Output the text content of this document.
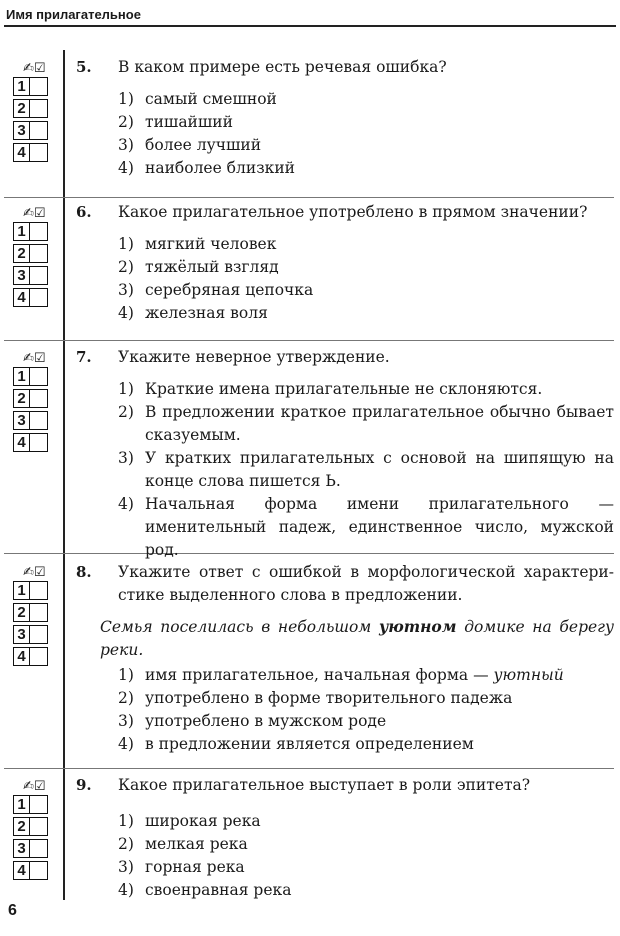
Имя прилагательное
✍☑
1
2
3
4
5. В каком примере есть речевая ошибка?
1) самый смешной
2) тишайший
3) более лучший
4) наиболее близкий
✍☑
1
2
3
4
6. Какое прилагательное употреблено в прямом значении?
1) мягкий человек
2) тяжёлый взгляд
3) серебряная цепочка
4) железная воля
✍☑
1
2
3
4
7. Укажите неверное утверждение.
1) Краткие имена прилагательные не склоняются.
2) В предложении краткое прилагательное обычно бывает сказуемым.
3) У кратких прилагательных с основой на шипящую на конце слова пишется Ь.
4) Начальная форма имени прилагательного — именительный падеж, единственное число, мужской род.
✍☑
1
2
3
4
8. Укажите ответ с ошибкой в морфологической характери-
стике выделенного слова в предложении.
Семья поселилась в небольшом уютном домике на берегу
реки.
1) имя прилагательное, начальная форма — уютный
2) употреблено в форме творительного падежа
3) употреблено в мужском роде
4) в предложении является определением
✍☑
1
2
3
4
9. Какое прилагательное выступает в роли эпитета?
1) широкая река
2) мелкая река
3) горная река
4) своенравная река
6
